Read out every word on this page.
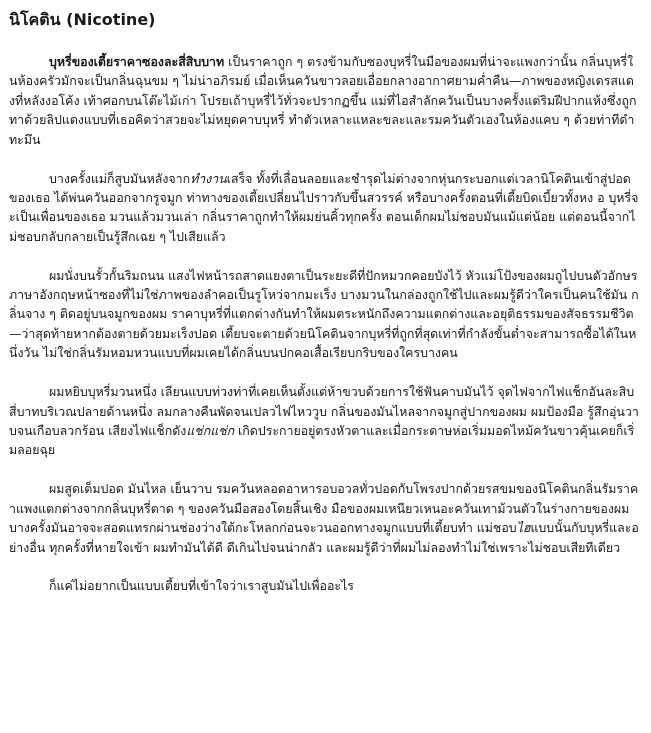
นิโคติน (Nicotine)

บุหรี่ของเตี้ยราคาซองละสี่สิบบาท เป็นราคาถูก ๆ ตรงข้ามกับซองบุหรี่ในมือของผมที่น่าจะแพงกว่านั้น กลิ่นบุหรี่ในห้องครัวมักจะเป็นกลิ่นฉุนขม ๆ ไม่น่าอภิรมย์ เมื่อเห็นควันขาวลอยเอื่อยกลางอากาศยามค่ำคืน—ภาพของหญิงเดรสแดงที่หลังงอโค้ง เท้าศอกบนโต๊ะไม้เก่า โปรยเถ้าบุหรี่ไว้ทั่วจะปรากฏขึ้น แม่ที่ไอสำลักควันเป็นบางครั้งแต่ริมฝีปากแห้งซึ่งถูกทาด้วยลิปแดงแบบที่เธอคิดว่าสวยจะไม่หยุดคาบบุหรี่ ทำตัวเหลาะแหละขละและรมควันตัวเองในห้องแคบ ๆ ด้วยท่าทีดำทะมึน

บางครั้งแม่ก็สูบมันหลังจากทำงานเสร็จ ทั้งที่เลื่อนลอยและชำรุดไม่ต่างจากหุ่นกระบอกแต่เวลานิโคตินเข้าสู่ปอดของเธอ ได้พ่นควันออกจากรูจมูก ท่าทางของเตี้ยเปลี่ยนไปราวกับขึ้นสวรรค์ หรือบางครั้งตอนที่เตี้ยบิดเบี้ยวทั้งหง อ บุหรี่จะเป็นเพื่อนของเธอ มวนแล้วมวนเล่า กลิ่นราคาถูกทำให้ผมย่นคิ้วทุกครั้ง ตอนเด็กผมไม่ชอบมันแม้แต่น้อย แต่ตอนนี้จากไม่ชอบกลับกลายเป็นรู้สึกเฉย ๆ ไปเสียแล้ว

ผมนั่งบนรั้วกั้นริมถนน แสงไฟหน้ารถสาดแยงตาเป็นระยะดีที่ปักหมวกคอยบังไว้ หัวแม่โป้งของผมถูไปบนตัวอักษรภาษาอังกฤษหน้าซองที่ไม่ใช่ภาพของลำคอเป็นรูโหว่จากมะเร็ง บางมวนในกล่องถูกใช้ไปและผมรู้ดีว่าใครเป็นคนใช้มัน กลิ่นจาง ๆ ติดอยู่บนจมูกของผม ราคาบุหรี่ที่แตกต่างกันทำให้ผมตระหนักถึงความแตกต่างและอยุติธรรมของสัจธรรมชีวิต—ว่าสุดท้ายหากต้องตายด้วยมะเร็งปอด เตี้ยบจะตายด้วยนิโคตินจากบุหรี่ที่ถูกที่สุดเท่าที่กำลังขั้นต่ำจะสามารถซื้อได้ในหนึ่งวัน ไม่ใช่กลิ่นรัมหอมหวนแบบที่ผมเคยได้กลิ่นบนปกคอเสื้อเรียบกริบของใครบางคน

ผมหยิบบุหรี่มวนหนึ่ง เลียนแบบท่วงท่าที่เคยเห็นตั้งแต่ห้าขวบด้วยการใช้ฟันคาบมันไว้ จุดไฟจากไฟแช็กอันละสิบสี่บาทบริเวณปลายด้านหนึ่ง ลมกลางคืนพัดจนเปลวไฟไหววูบ กลิ่นของมันไหลจากจมูกสู่ปากของผม ผมป้องมือ รู้สึกอุ่นวาบจนเกือบลวกร้อน เสียงไฟแช็กดังแช่กแช่ก เกิดประกายอยู่ตรงหัวตาและเมื่อกระดาษห่อเริ่มมอดไหม้ควันขาวคุ้นเคยก็เริ่มลอยฉุย

ผมสูดเต็มปอด มันไหล เย็นวาบ รมควันหลอดอาหารอบอวลทั่วปอดกับโพรงปากด้วยรสขมของนิโคตินกลิ่นรัมราคาแพงแตกต่างจากกลิ่นบุหรี่ตาด ๆ ของควันมือสองโดยสิ้นเชิง มือของผมเหนียวเหนอะควันเทาม้วนตัวในร่างกายของผม บางครั้งมันอาจจะสอดแทรกผ่านช่องว่างใต้กะโหลกก่อนจะวนออกทางจมูกแบบที่เตี้ยบทำ แม่ชอบไฮแบบนั้นกับบุหรี่และอย่างอื่น ทุกครั้งที่หายใจเข้า ผมทำมันได้ดี ดีเกินไปจนน่ากลัว และผมรู้ดีว่าที่ผมไม่ลองทำไม่ใช่เพราะไม่ชอบเสียทีเดียว

ก็แค่ไม่อยากเป็นแบบเตี้ยบที่เข้าใจว่าเราสูบมันไปเพื่ออะไร
